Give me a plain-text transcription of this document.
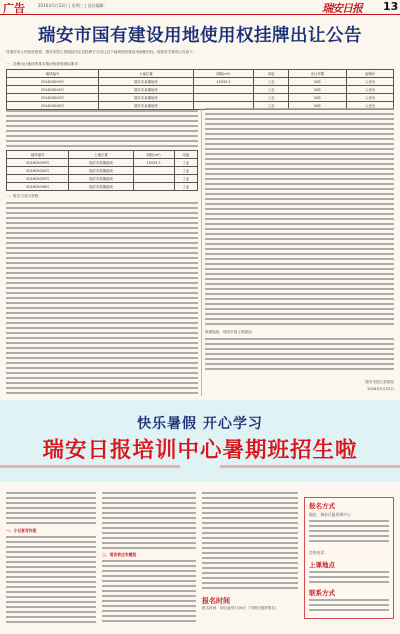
广告	2016年5月23日 | 星期三 | 责任编辑：	瑞安日报 13
瑞安市国有建设用地使用权挂牌出让公告
经瑞安市人民政府批准，瑞安市国土资源局决定以挂牌方式出让以下地块国有建设用地使用权。现将有关事项公告如下：
一、挂牌出让地块的基本情况和规划指标要求：
地块编号	土地位置	面积(m²)	用途	出让年限	起始价
2016C0009号	瑞安市某镇地块	15033.3	工业	50年	人民币
2016C0004号	瑞安市某镇地块		工业	50年	人民币
2016C0005号	瑞安市某镇地块		工业	50年	人民币
2016C0006号	瑞安市某镇地块		工业	50年	人民币
地块编号	土地位置	面积(m²)	用途
2016C0009号	瑞安市某镇地块	15033.3	工业
2016C0004号	瑞安市某镇地块		工业
2016C0005号	瑞安市某镇地块		工业
2016C0006号	瑞安市某镇地块		工业
一、报名与竞买资格：
联系地址：瑞安市国土资源局
瑞安市国土资源局
2016年5月23日
快乐暑假 开心学习
瑞安日报培训中心暑期班招生啦
一、小记者写作班
二、语言表达专题班
报名时间
报名时间：即日起至7月6日（节假日照常报名）
报名方式
地址：瑞安日报培训中心
咨询电话：
上课地点
联系方式
